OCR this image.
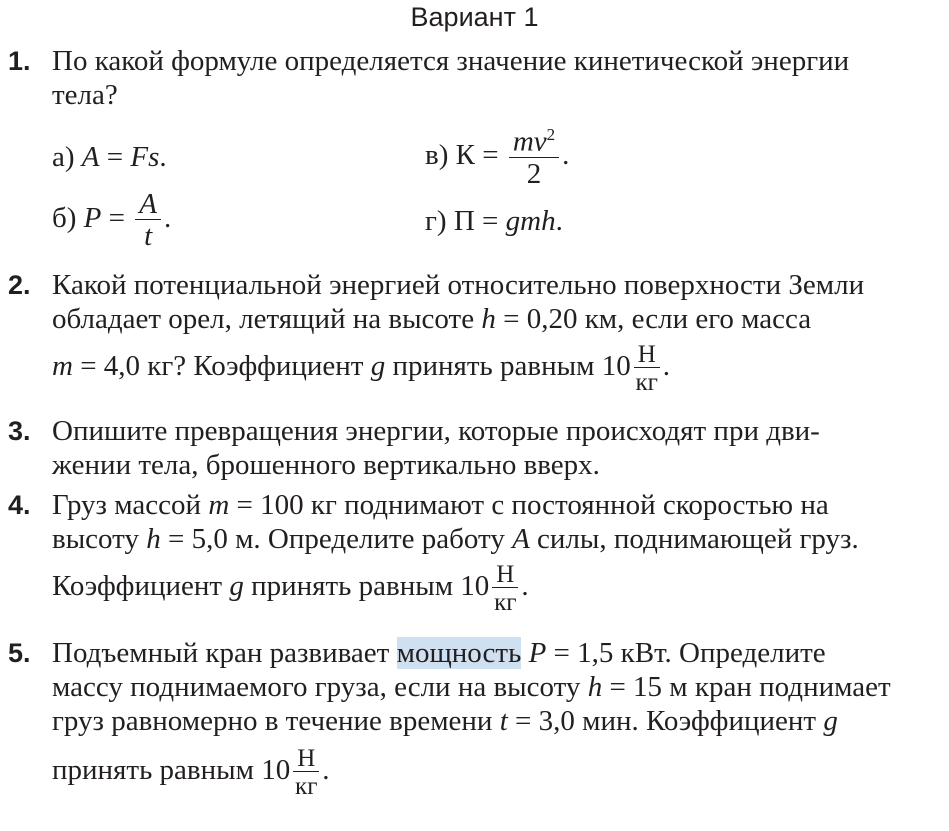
Вариант 1
1. По какой формуле определяется значение кинетической энергии
тела?
а) A = Fs.
б) $P = \frac{A}{t}$ .
в) $К = \frac{mv^2}{2}$ .
г) П = gmh.
2. Какой потенциальной энергией относительно поверхности Земли
обладает орел, летящий на высоте h = 0,20 км, если его масса
m = 4,0 кг? Коэффициент g принять равным $10 \frac{Н}{кг}$ .
3. Опишите превращения энергии, которые происходят при дви-
жении тела, брошенного вертикально вверх.
4. Груз массой m = 100 кг поднимают с постоянной скоростью на
высоту h = 5,0 м. Определите работу A силы, поднимающей груз.
Коэффициент g принять равным $10 \frac{Н}{кг}$ .
5. Подъемный кран развивает мощность P = 1,5 кВт. Определите
массу поднимаемого груза, если на высоту h = 15 м кран поднимает
груз равномерно в течение времени t = 3,0 мин. Коэффициент g
принять равным $10 \frac{Н}{кг}$ .
